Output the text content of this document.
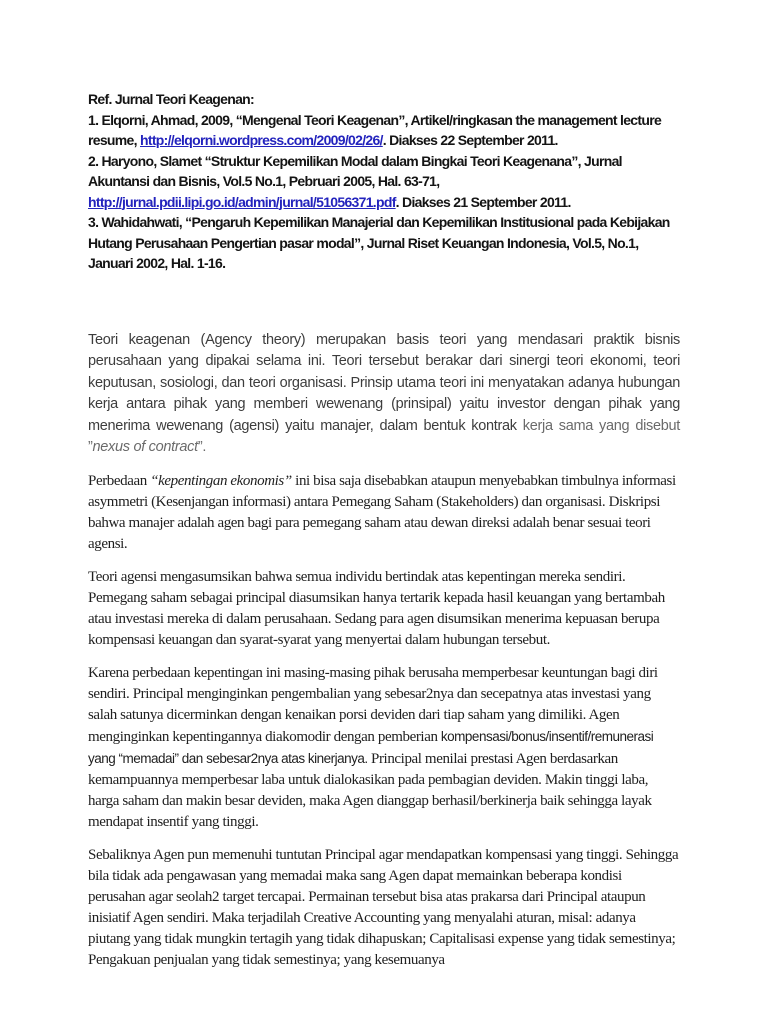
Ref. Jurnal Teori Keagenan:
1. Elqorni, Ahmad, 2009, “Mengenal Teori Keagenan”, Artikel/ringkasan the management lecture resume, http://elqorni.wordpress.com/2009/02/26/. Diakses 22 September 2011.
2. Haryono, Slamet “Struktur Kepemilikan Modal dalam Bingkai Teori Keagenana”, Jurnal Akuntansi dan Bisnis, Vol.5 No.1, Pebruari 2005, Hal. 63-71, http://jurnal.pdii.lipi.go.id/admin/jurnal/51056371.pdf. Diakses 21 September 2011.
3. Wahidahwati, “Pengaruh Kepemilikan Manajerial dan Kepemilikan Institusional pada Kebijakan Hutang Perusahaan Pengertian pasar modal”, Jurnal Riset Keuangan Indonesia, Vol.5, No.1, Januari 2002, Hal. 1-16.

Teori keagenan (Agency theory) merupakan basis teori yang mendasari praktik bisnis perusahaan yang dipakai selama ini. Teori tersebut berakar dari sinergi teori ekonomi, teori keputusan, sosiologi, dan teori organisasi. Prinsip utama teori ini menyatakan adanya hubungan kerja antara pihak yang memberi wewenang (prinsipal) yaitu investor dengan pihak yang menerima wewenang (agensi) yaitu manajer, dalam bentuk kontrak kerja sama yang disebut ”nexus of contract”.

Perbedaan “kepentingan ekonomis” ini bisa saja disebabkan ataupun menyebabkan timbulnya informasi asymmetri (Kesenjangan informasi) antara Pemegang Saham (Stakeholders) dan organisasi. Diskripsi bahwa manajer adalah agen bagi para pemegang saham atau dewan direksi adalah benar sesuai teori agensi.

Teori agensi mengasumsikan bahwa semua individu bertindak atas kepentingan mereka sendiri. Pemegang saham sebagai principal diasumsikan hanya tertarik kepada hasil keuangan yang bertambah atau investasi mereka di dalam perusahaan. Sedang para agen disumsikan menerima kepuasan berupa kompensasi keuangan dan syarat-syarat yang menyertai dalam hubungan tersebut.

Karena perbedaan kepentingan ini masing-masing pihak berusaha memperbesar keuntungan bagi diri sendiri. Principal menginginkan pengembalian yang sebesar2nya dan secepatnya atas investasi yang salah satunya dicerminkan dengan kenaikan porsi deviden dari tiap saham yang dimiliki. Agen menginginkan kepentingannya diakomodir dengan pemberian kompensasi/bonus/insentif/remunerasi yang “memadai” dan sebesar2nya atas kinerjanya. Principal menilai prestasi Agen berdasarkan kemampuannya memperbesar laba untuk dialokasikan pada pembagian deviden. Makin tinggi laba, harga saham dan makin besar deviden, maka Agen dianggap berhasil/berkinerja baik sehingga layak mendapat insentif yang tinggi.

Sebaliknya Agen pun memenuhi tuntutan Principal agar mendapatkan kompensasi yang tinggi. Sehingga bila tidak ada pengawasan yang memadai maka sang Agen dapat memainkan beberapa kondisi perusahan agar seolah2 target tercapai. Permainan tersebut bisa atas prakarsa dari Principal ataupun inisiatif Agen sendiri. Maka terjadilah Creative Accounting yang menyalahi aturan, misal: adanya piutang yang tidak mungkin tertagih yang tidak dihapuskan; Capitalisasi expense yang tidak semestinya; Pengakuan penjualan yang tidak semestinya; yang kesemuanya
